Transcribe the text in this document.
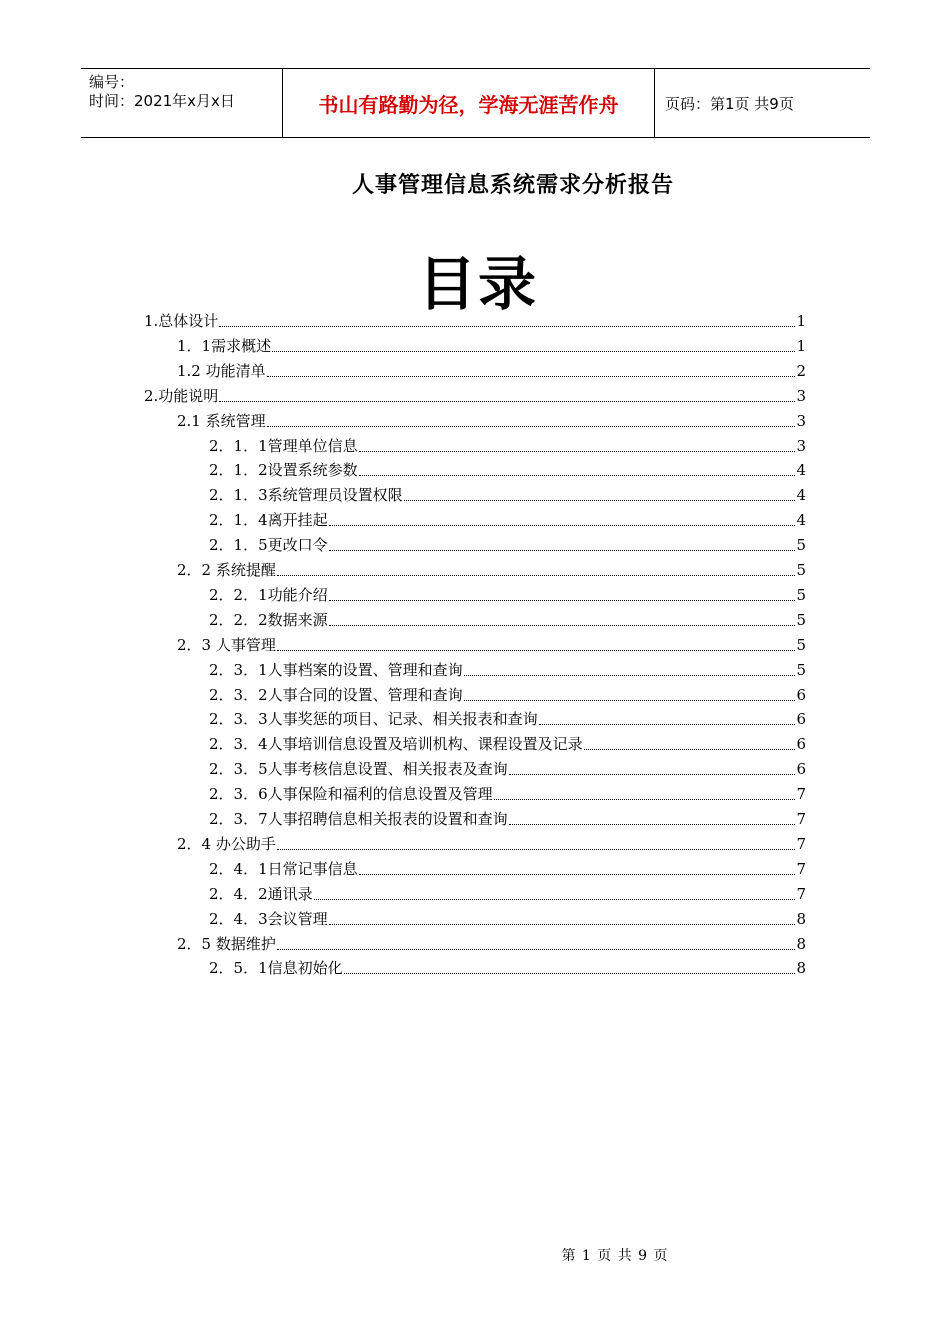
编号：
时间：2021年x月x日	书山有路勤为径，学海无涯苦作舟	页码：第1页 共9页
人事管理信息系统需求分析报告
目录
1.总体设计	1
1．1需求概述	1
1.2 功能清单	2
2.功能说明	3
2.1 系统管理	3
2．1．1管理单位信息	3
2．1．2设置系统参数	4
2．1．3系统管理员设置权限	4
2．1．4离开挂起	4
2．1．5更改口令	5
2．2 系统提醒	5
2．2．1功能介绍	5
2．2．2数据来源	5
2．3 人事管理	5
2．3．1人事档案的设置、管理和查询	5
2．3．2人事合同的设置、管理和查询	6
2．3．3人事奖惩的项目、记录、相关报表和查询	6
2．3．4人事培训信息设置及培训机构、课程设置及记录	6
2．3．5人事考核信息设置、相关报表及查询	6
2．3．6人事保险和福利的信息设置及管理	7
2．3．7人事招聘信息相关报表的设置和查询	7
2．4 办公助手	7
2．4．1日常记事信息	7
2．4．2通讯录	7
2．4．3会议管理	8
2．5 数据维护	8
2．5．1信息初始化	8
第 1 页 共 9 页
